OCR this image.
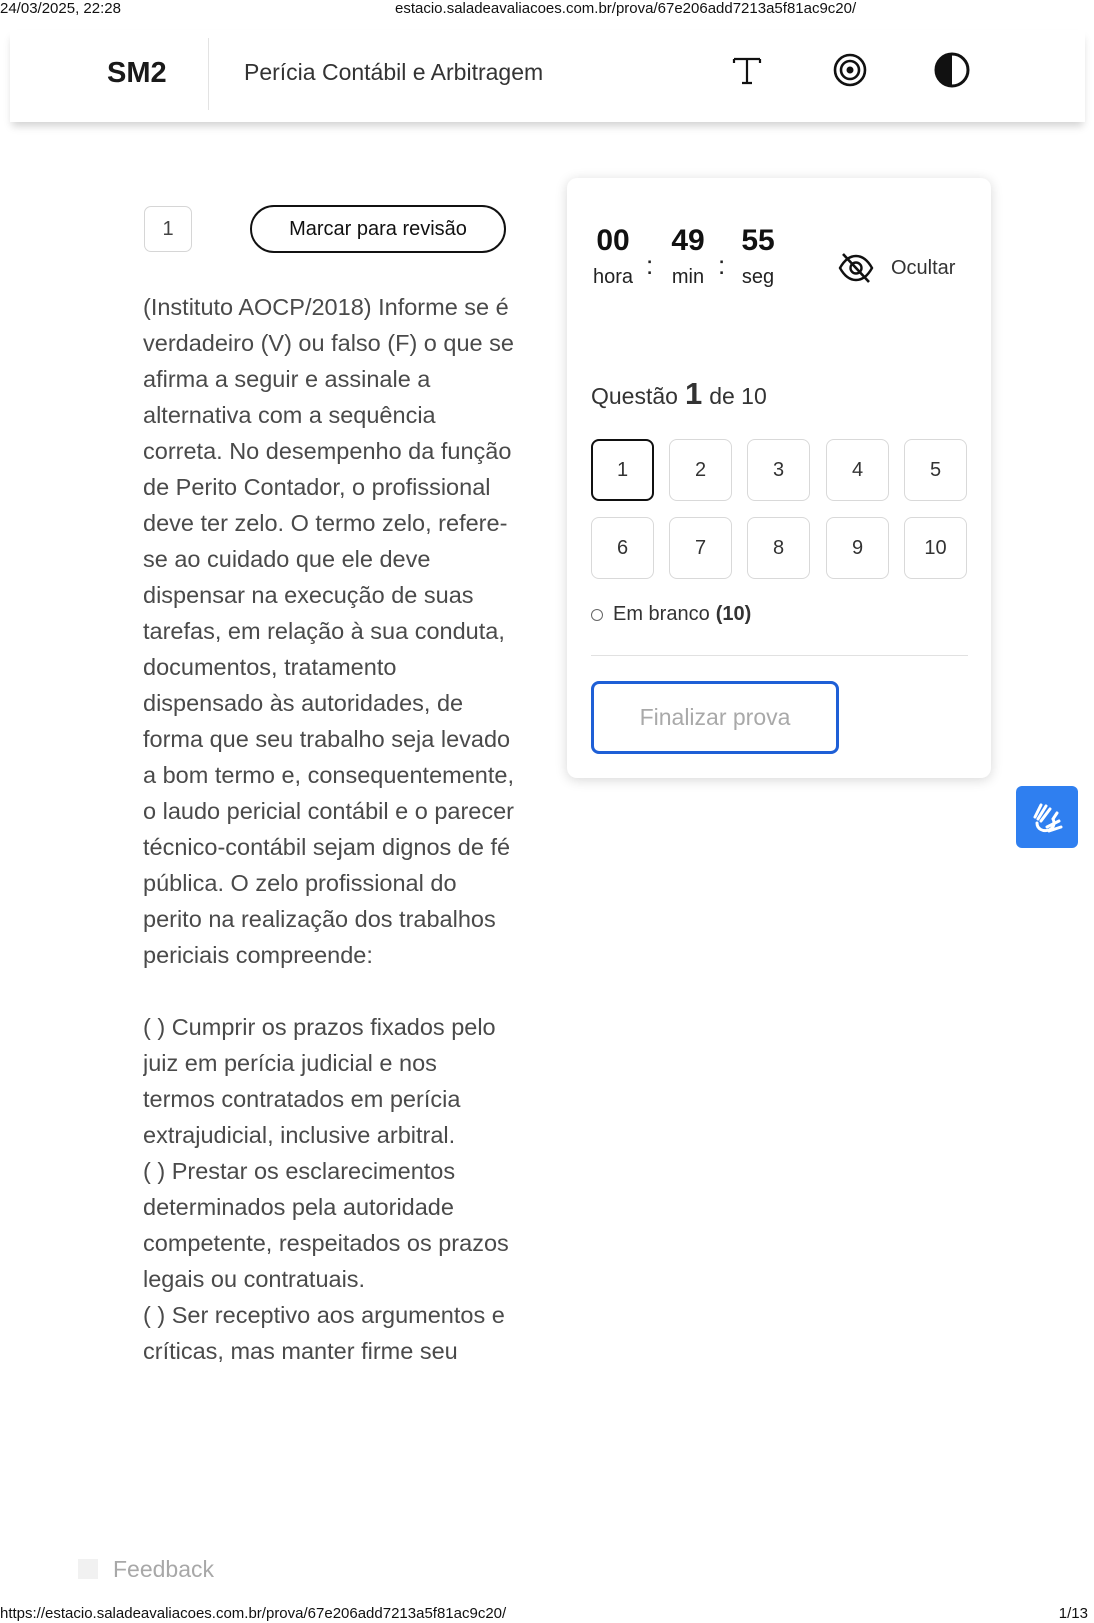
24/03/2025, 22:28	estacio.saladeavaliacoes.com.br/prova/67e206add7213a5f81ac9c20/
SM2	Perícia Contábil e Arbitragem
1	Marcar para revisão

(Instituto AOCP/2018) Informe se é verdadeiro (V) ou falso (F) o que se afirma a seguir e assinale a alternativa com a sequência correta. No desempenho da função de Perito Contador, o profissional deve ter zelo. O termo zelo, refere-se ao cuidado que ele deve dispensar na execução de suas tarefas, em relação à sua conduta, documentos, tratamento dispensado às autoridades, de forma que seu trabalho seja levado a bom termo e, consequentemente, o laudo pericial contábil e o parecer técnico-contábil sejam dignos de fé pública. O zelo profissional do perito na realização dos trabalhos periciais compreende:

( ) Cumprir os prazos fixados pelo juiz em perícia judicial e nos termos contratados em perícia extrajudicial, inclusive arbitral.
( ) Prestar os esclarecimentos determinados pela autoridade competente, respeitados os prazos legais ou contratuais.
( ) Ser receptivo aos argumentos e críticas, mas manter firme seu

Feedback
00
hora :
49
min :
55
seg	Ocultar
Questão 1 de 10
1	2	3	4	5
6	7	8	9	10
Em branco (10)
Finalizar prova
https://estacio.saladeavaliacoes.com.br/prova/67e206add7213a5f81ac9c20/	1/13
